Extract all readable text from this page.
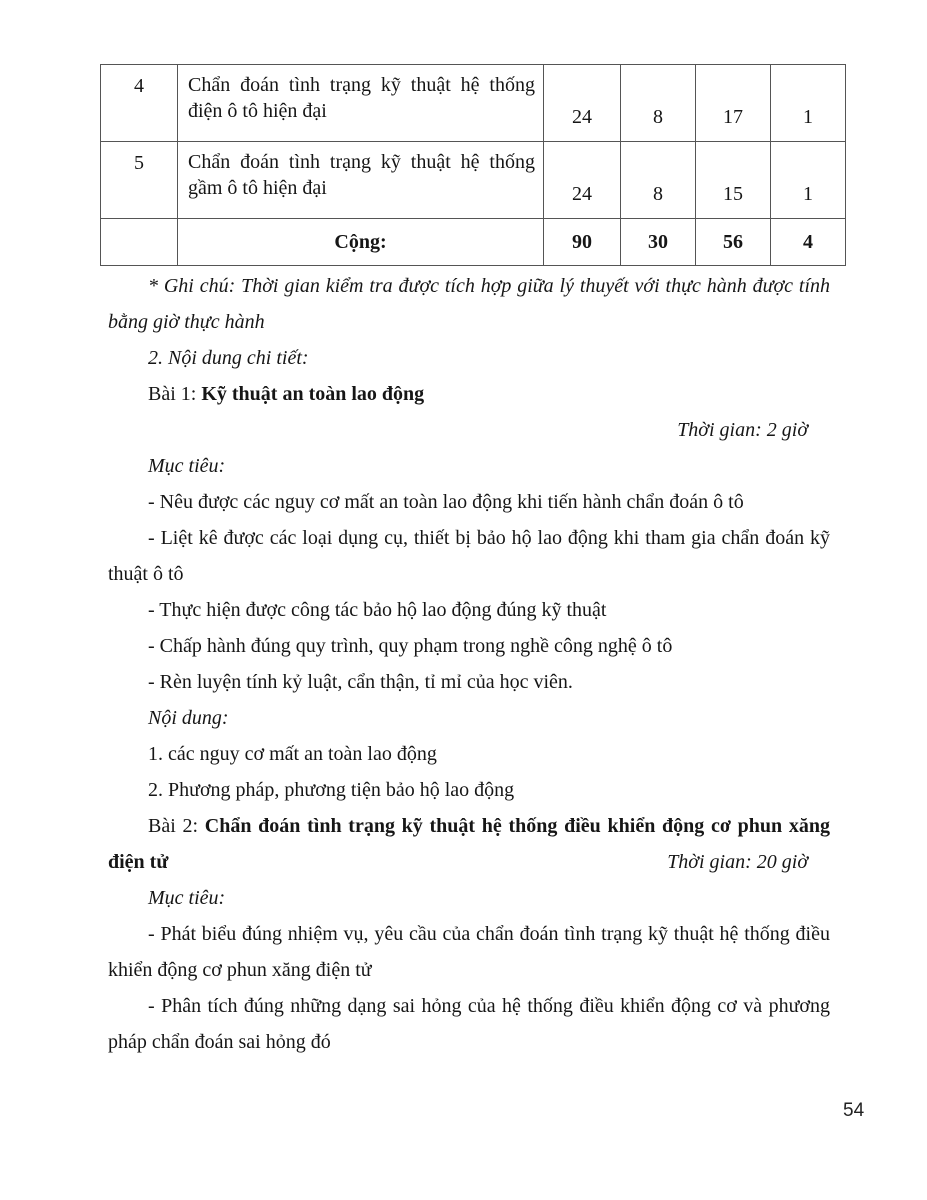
4	Chẩn đoán tình trạng kỹ thuật hệ thống điện ô tô hiện đại	24	8	17	1
5	Chẩn đoán tình trạng kỹ thuật hệ thống gầm ô tô hiện đại	24	8	15	1
	Cộng:	90	30	56	4

* Ghi chú: Thời gian kiểm tra được tích hợp giữa lý thuyết với thực hành được tính bằng giờ thực hành

2. Nội dung chi tiết:

Bài 1: Kỹ thuật an toàn lao động

Thời gian: 2 giờ

Mục tiêu:

- Nêu được các nguy cơ mất an toàn lao động khi tiến hành chẩn đoán ô tô

- Liệt kê được các loại dụng cụ, thiết bị bảo hộ lao động khi tham gia chẩn đoán kỹ thuật ô tô

- Thực hiện được công tác bảo hộ lao động đúng kỹ thuật

- Chấp hành đúng quy trình, quy phạm trong nghề công nghệ ô tô

- Rèn luyện tính kỷ luật, cẩn thận, tỉ mỉ của học viên.

Nội dung:

1. các nguy cơ mất an toàn lao động

2. Phương pháp, phương tiện bảo hộ lao động

Bài 2: Chẩn đoán tình trạng kỹ thuật hệ thống điều khiển động cơ phun xăng điện tử	Thời gian: 20 giờ

Mục tiêu:

- Phát biểu đúng nhiệm vụ, yêu cầu của chẩn đoán tình trạng kỹ thuật hệ thống điều khiển động cơ phun xăng điện tử

- Phân tích đúng những dạng sai hỏng của hệ thống điều khiển động cơ và phương pháp chẩn đoán sai hỏng đó

54
